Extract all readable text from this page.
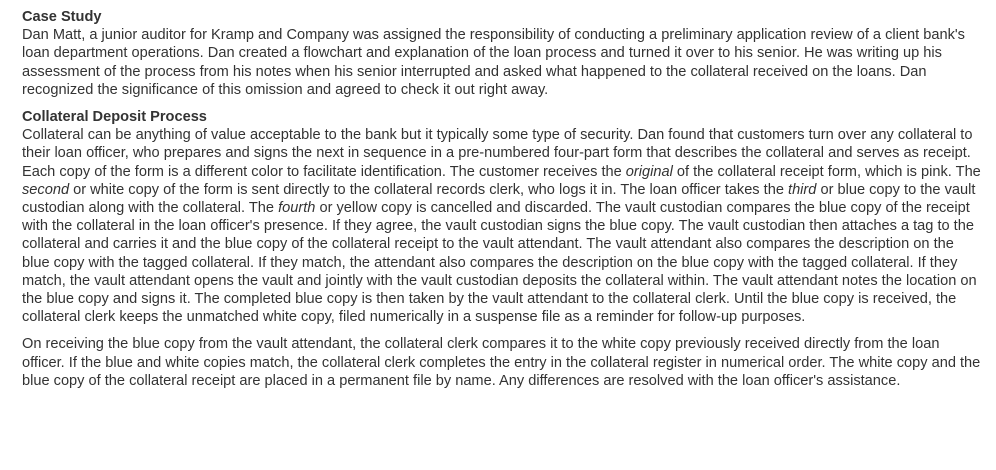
Case Study

Dan Matt, a junior auditor for Kramp and Company was assigned the responsibility of conducting a preliminary application review of a client bank's loan department operations. Dan created a flowchart and explanation of the loan process and turned it over to his senior. He was writing up his assessment of the process from his notes when his senior interrupted and asked what happened to the collateral received on the loans. Dan recognized the significance of this omission and agreed to check it out right away.

Collateral Deposit Process

Collateral can be anything of value acceptable to the bank but it typically some type of security. Dan found that customers turn over any collateral to their loan officer, who prepares and signs the next in sequence in a pre-numbered four-part form that describes the collateral and serves as receipt. Each copy of the form is a different color to facilitate identification. The customer receives the original of the collateral receipt form, which is pink. The second or white copy of the form is sent directly to the collateral records clerk, who logs it in. The loan officer takes the third or blue copy to the vault custodian along with the collateral. The fourth or yellow copy is cancelled and discarded. The vault custodian compares the blue copy of the receipt with the collateral in the loan officer's presence. If they agree, the vault custodian signs the blue copy. The vault custodian then attaches a tag to the collateral and carries it and the blue copy of the collateral receipt to the vault attendant. The vault attendant also compares the description on the blue copy with the tagged collateral. If they match, the attendant also compares the description on the blue copy with the tagged collateral. If they match, the vault attendant opens the vault and jointly with the vault custodian deposits the collateral within. The vault attendant notes the location on the blue copy and signs it. The completed blue copy is then taken by the vault attendant to the collateral clerk. Until the blue copy is received, the collateral clerk keeps the unmatched white copy, filed numerically in a suspense file as a reminder for follow-up purposes.

On receiving the blue copy from the vault attendant, the collateral clerk compares it to the white copy previously received directly from the loan officer. If the blue and white copies match, the collateral clerk completes the entry in the collateral register in numerical order. The white copy and the blue copy of the collateral receipt are placed in a permanent file by name. Any differences are resolved with the loan officer's assistance.
